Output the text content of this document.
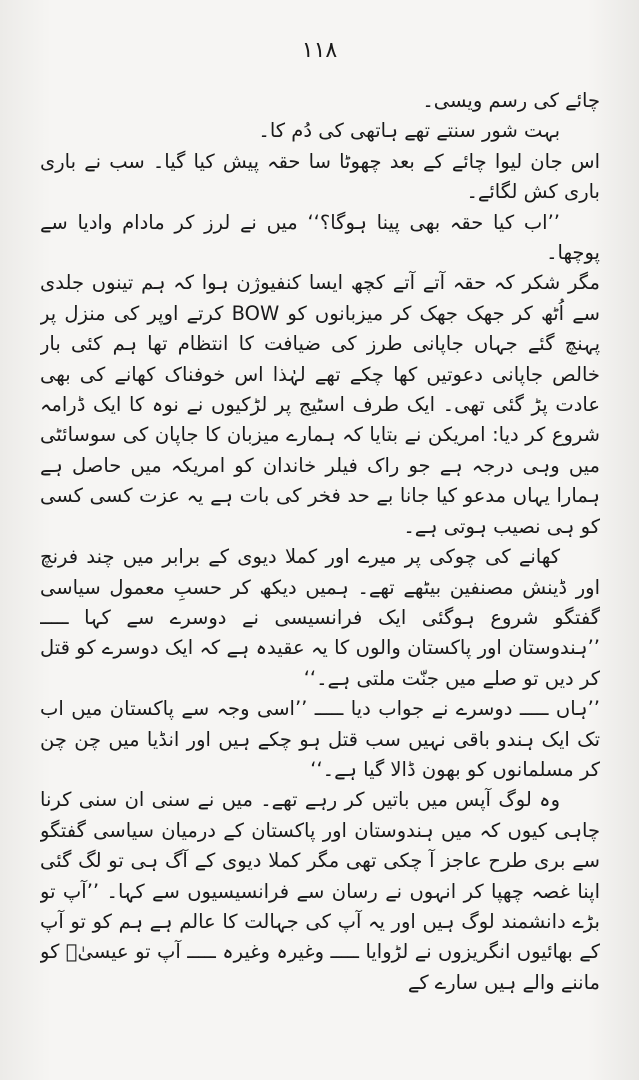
۱۱۸

چائے کی رسم ویسی۔

بہت شور سنتے تھے ہاتھی کی دُم کا۔

اس جان لیوا چائے کے بعد چھوٹا سا حقہ پیش کیا گیا۔ سب نے باری باری کش لگائے۔

’’اب کیا حقہ بھی پینا ہوگا؟‘‘ میں نے لرز کر مادام وادیا سے پوچھا۔

مگر شکر کہ حقہ آتے آتے کچھ ایسا کنفیوژن ہوا کہ ہم تینوں جلدی سے اُٹھ کر جھک جھک کر میزبانوں کو BOW کرتے اوپر کی منزل پر پہنچ گئے جہاں جاپانی طرز کی ضیافت کا انتظام تھا ہم کئی بار خالص جاپانی دعوتیں کھا چکے تھے لہٰذا اس خوفناک کھانے کی بھی عادت پڑ گئی تھی۔ ایک طرف اسٹیج پر لڑکیوں نے نوہ کا ایک ڈرامہ شروع کر دیا: امریکن نے بتایا کہ ہمارے میزبان کا جاپان کی سوسائٹی میں وہی درجہ ہے جو راک فیلر خاندان کو امریکہ میں حاصل ہے ہمارا یہاں مدعو کیا جانا بے حد فخر کی بات ہے یہ عزت کسی کسی کو ہی نصیب ہوتی ہے۔

کھانے کی چوکی پر میرے اور کملا دیوی کے برابر میں چند فرنچ اور ڈینش مصنفین بیٹھے تھے۔ ہمیں دیکھ کر حسبِ معمول سیاسی گفتگو شروع ہوگئی ایک فرانسیسی نے دوسرے سے کہا ـــــ ’’ہندوستان اور پاکستان والوں کا یہ عقیدہ ہے کہ ایک دوسرے کو قتل کر دیں تو صلے میں جنّت ملتی ہے۔‘‘

’’ہاں ـــــ دوسرے نے جواب دیا ـــــ ’’اسی وجہ سے پاکستان میں اب تک ایک ہندو باقی نہیں سب قتل ہو چکے ہیں اور انڈیا میں چن چن کر مسلمانوں کو بھون ڈالا گیا ہے۔‘‘

وہ لوگ آپس میں باتیں کر رہے تھے۔ میں نے سنی ان سنی کرنا چاہی کیوں کہ میں ہندوستان اور پاکستان کے درمیان سیاسی گفتگو سے بری طرح عاجز آ چکی تھی مگر کملا دیوی کے آگ ہی تو لگ گئی اپنا غصہ چھپا کر انہوں نے رسان سے فرانسیسیوں سے کہا۔ ’’آپ تو بڑے دانشمند لوگ ہیں اور یہ آپ کی جہالت کا عالم ہے ہم کو تو آپ کے بھائیوں انگریزوں نے لڑوایا ـــــ وغیرہ وغیرہ ـــــ آپ تو عیسیٰؑ کو ماننے والے ہیں سارے کے
